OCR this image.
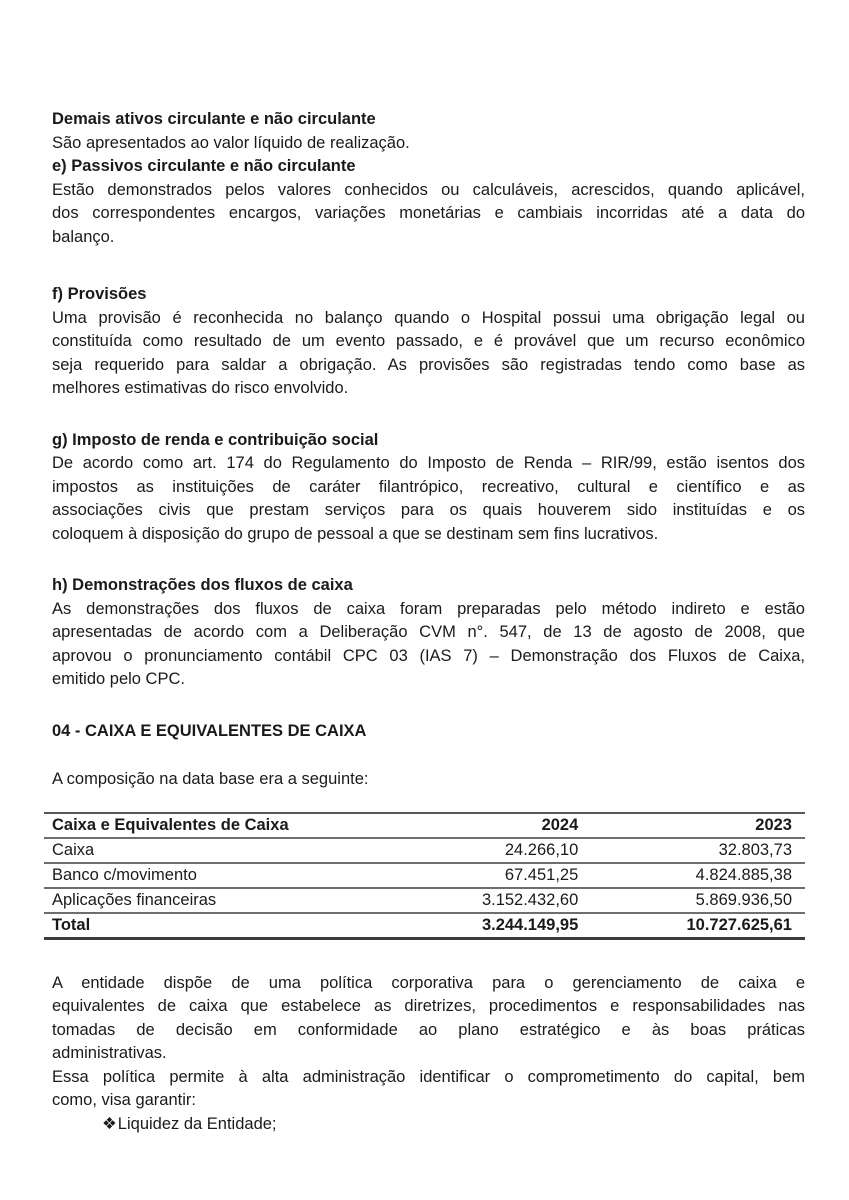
Demais ativos circulante e não circulante
São apresentados ao valor líquido de realização.
e) Passivos circulante e não circulante
Estão demonstrados pelos valores conhecidos ou calculáveis, acrescidos, quando aplicável,
dos correspondentes encargos, variações monetárias e cambiais incorridas até a data do
balanço.
f) Provisões
Uma provisão é reconhecida no balanço quando o Hospital possui uma obrigação legal ou
constituída como resultado de um evento passado, e é provável que um recurso econômico
seja requerido para saldar a obrigação. As provisões são registradas tendo como base as
melhores estimativas do risco envolvido.
g) Imposto de renda e contribuição social
De acordo como art. 174 do Regulamento do Imposto de Renda – RIR/99, estão isentos dos
impostos as instituições de caráter filantrópico, recreativo, cultural e científico e as
associações civis que prestam serviços para os quais houverem sido instituídas e os
coloquem à disposição do grupo de pessoal a que se destinam sem fins lucrativos.
h) Demonstrações dos fluxos de caixa
As demonstrações dos fluxos de caixa foram preparadas pelo método indireto e estão
apresentadas de acordo com a Deliberação CVM n°. 547, de 13 de agosto de 2008, que
aprovou o pronunciamento contábil CPC 03 (IAS 7) – Demonstração dos Fluxos de Caixa,
emitido pelo CPC.
04 - CAIXA E EQUIVALENTES DE CAIXA
A composição na data base era a seguinte:
Caixa e Equivalentes de Caixa	2024	2023
Caixa	24.266,10	32.803,73
Banco c/movimento	67.451,25	4.824.885,38
Aplicações financeiras	3.152.432,60	5.869.936,50
Total	3.244.149,95	10.727.625,61
A entidade dispõe de uma política corporativa para o gerenciamento de caixa e
equivalentes de caixa que estabelece as diretrizes, procedimentos e responsabilidades nas
tomadas de decisão em conformidade ao plano estratégico e às boas práticas
administrativas.
Essa política permite à alta administração identificar o comprometimento do capital, bem
como, visa garantir:
❖Liquidez da Entidade;
